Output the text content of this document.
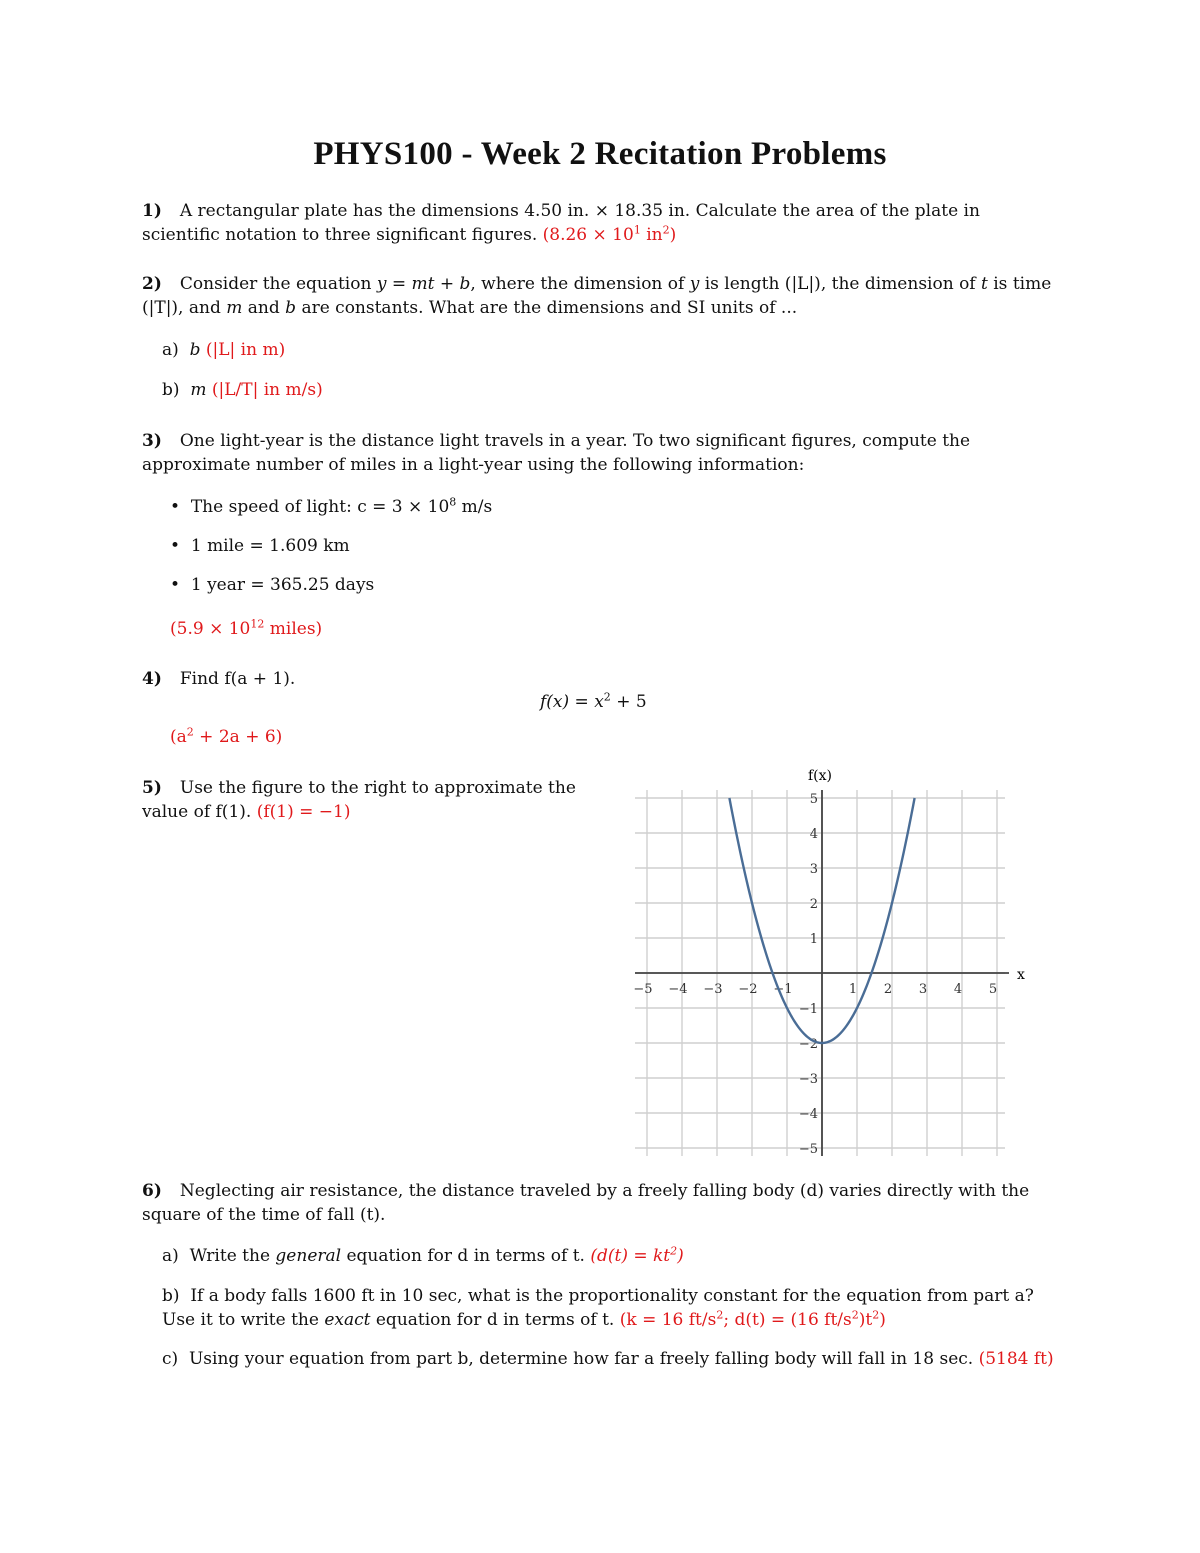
PHYS100 - Week 2 Recitation Problems
1) A rectangular plate has the dimensions 4.50 in. × 18.35 in. Calculate the area of the plate in scientific notation to three significant figures. ($8.26 \times 10^1$ $in^2$)
2) Consider the equation y = mt + b, where the dimension of y is length (|L|), the dimension of t is time (|T|), and m and b are constants. What are the dimensions and SI units of ...
a) b (|L| in m)
b) m (|L/T| in m/s)
3) One light-year is the distance light travels in a year. To two significant figures, compute the approximate number of miles in a light-year using the following information:
•  The speed of light: $c = 3 \times 10^8$ m/s
•  1 mile = 1.609 km
•  1 year = 365.25 days
($5.9 \times 10^{12}$ miles)
4) Find f(a + 1).
$f(x) = x^2 + 5$
$(a^2 + 2a + 6)$
5) Use the figure to the right to approximate the value of f(1). (f(1) = −1)
−5 −4 −3 −2 −1	1 2 3 4 5
5
4
3
2
1
−1
−2
−3
−4
−5
x
f(x)
6) Neglecting air resistance, the distance traveled by a freely falling body (d) varies directly with the square of the time of fall (t).
a) Write the general equation for d in terms of t. $(d(t) = kt^2)$
b) If a body falls 1600 ft in 10 sec, what is the proportionality constant for the equation from part a? Use it to write the exact equation for d in terms of t. (k = 16 $ft/s^2$; d(t) = (16 $ft/s^2)t^2$)
c) Using your equation from part b, determine how far a freely falling body will fall in 18 sec. (5184 ft)
